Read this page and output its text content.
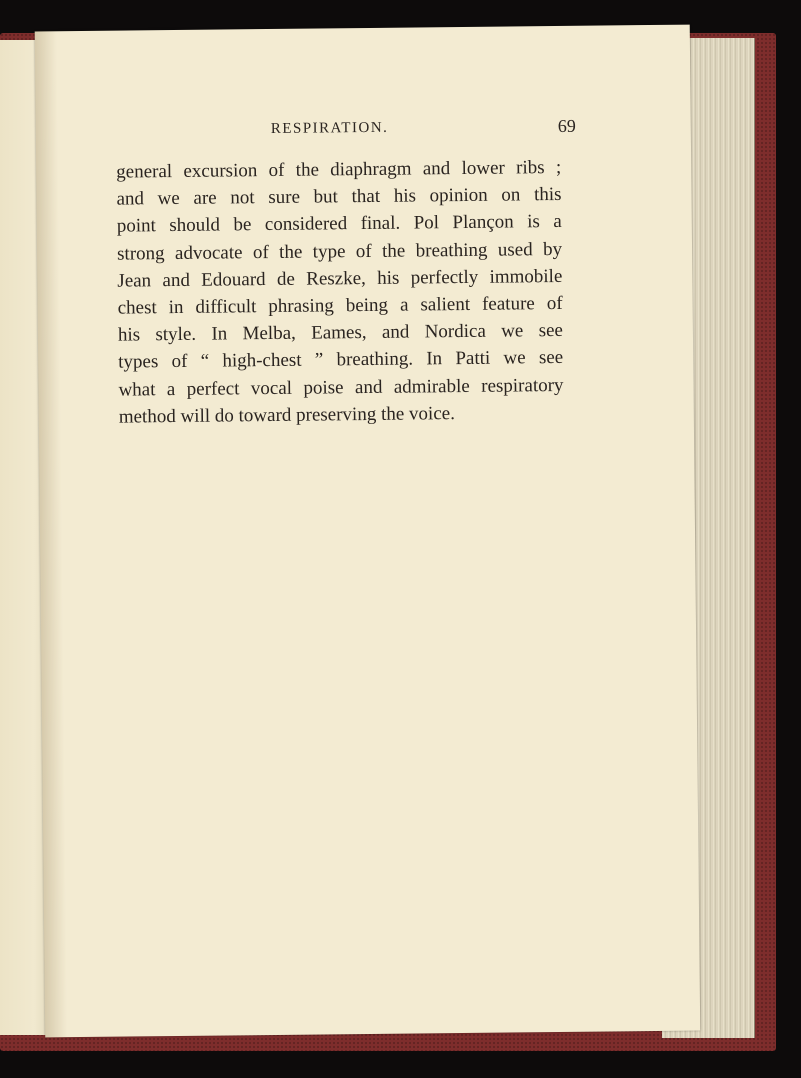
RESPIRATION.	69
general excursion of the diaphragm and lower ribs ;
and we are not sure but that his opinion on this
point should be considered final. Pol Plançon is a
strong advocate of the type of the breathing used by
Jean and Edouard de Reszke, his perfectly immobile
chest in difficult phrasing being a salient feature of
his style. In Melba, Eames, and Nordica we see
types of “ high-chest ” breathing. In Patti we see
what a perfect vocal poise and admirable respiratory
method will do toward preserving the voice.
